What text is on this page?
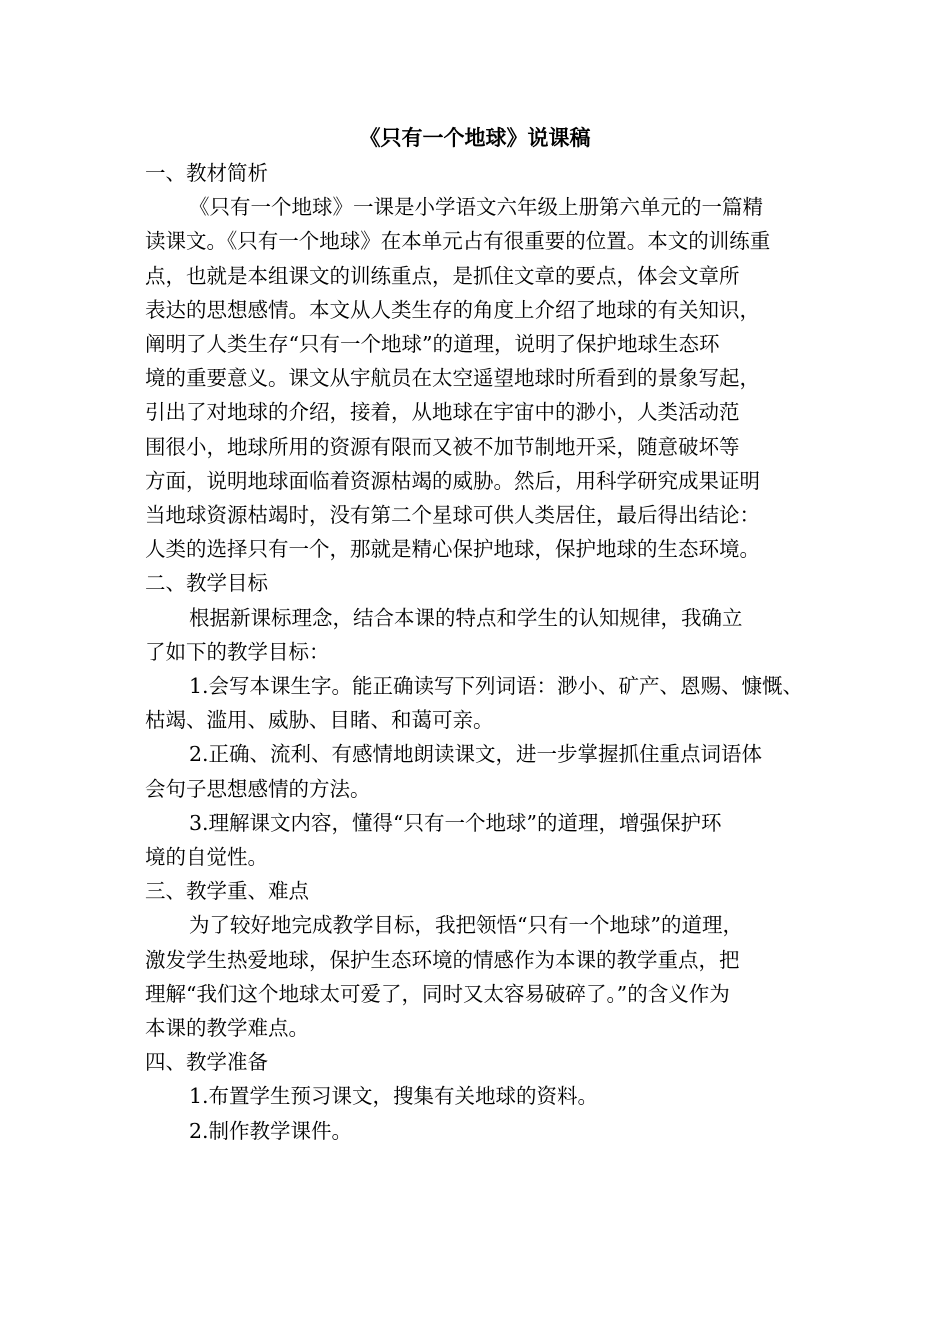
《只有一个地球》说课稿

一、教材简析

《只有一个地球》一课是小学语文六年级上册第六单元的一篇精

读课文。《只有一个地球》在本单元占有很重要的位置。本文的训练重

点，也就是本组课文的训练重点，是抓住文章的要点，体会文章所

表达的思想感情。本文从人类生存的角度上介绍了地球的有关知识，

阐明了人类生存“只有一个地球”的道理，说明了保护地球生态环

境的重要意义。课文从宇航员在太空遥望地球时所看到的景象写起，

引出了对地球的介绍，接着，从地球在宇宙中的渺小，人类活动范

围很小，地球所用的资源有限而又被不加节制地开采，随意破坏等

方面，说明地球面临着资源枯竭的威胁。然后，用科学研究成果证明

当地球资源枯竭时，没有第二个星球可供人类居住，最后得出结论：

人类的选择只有一个，那就是精心保护地球，保护地球的生态环境。

二、教学目标

根据新课标理念，结合本课的特点和学生的认知规律，我确立

了如下的教学目标：

1.会写本课生字。能正确读写下列词语：渺小、矿产、恩赐、慷慨、

枯竭、滥用、威胁、目睹、和蔼可亲。

2.正确、流利、有感情地朗读课文，进一步掌握抓住重点词语体

会句子思想感情的方法。

3.理解课文内容，懂得“只有一个地球”的道理，增强保护环

境的自觉性。

三、教学重、难点

为了较好地完成教学目标，我把领悟“只有一个地球”的道理，

激发学生热爱地球，保护生态环境的情感作为本课的教学重点，把

理解“我们这个地球太可爱了，同时又太容易破碎了。”的含义作为

本课的教学难点。

四、教学准备

1.布置学生预习课文，搜集有关地球的资料。

2.制作教学课件。
